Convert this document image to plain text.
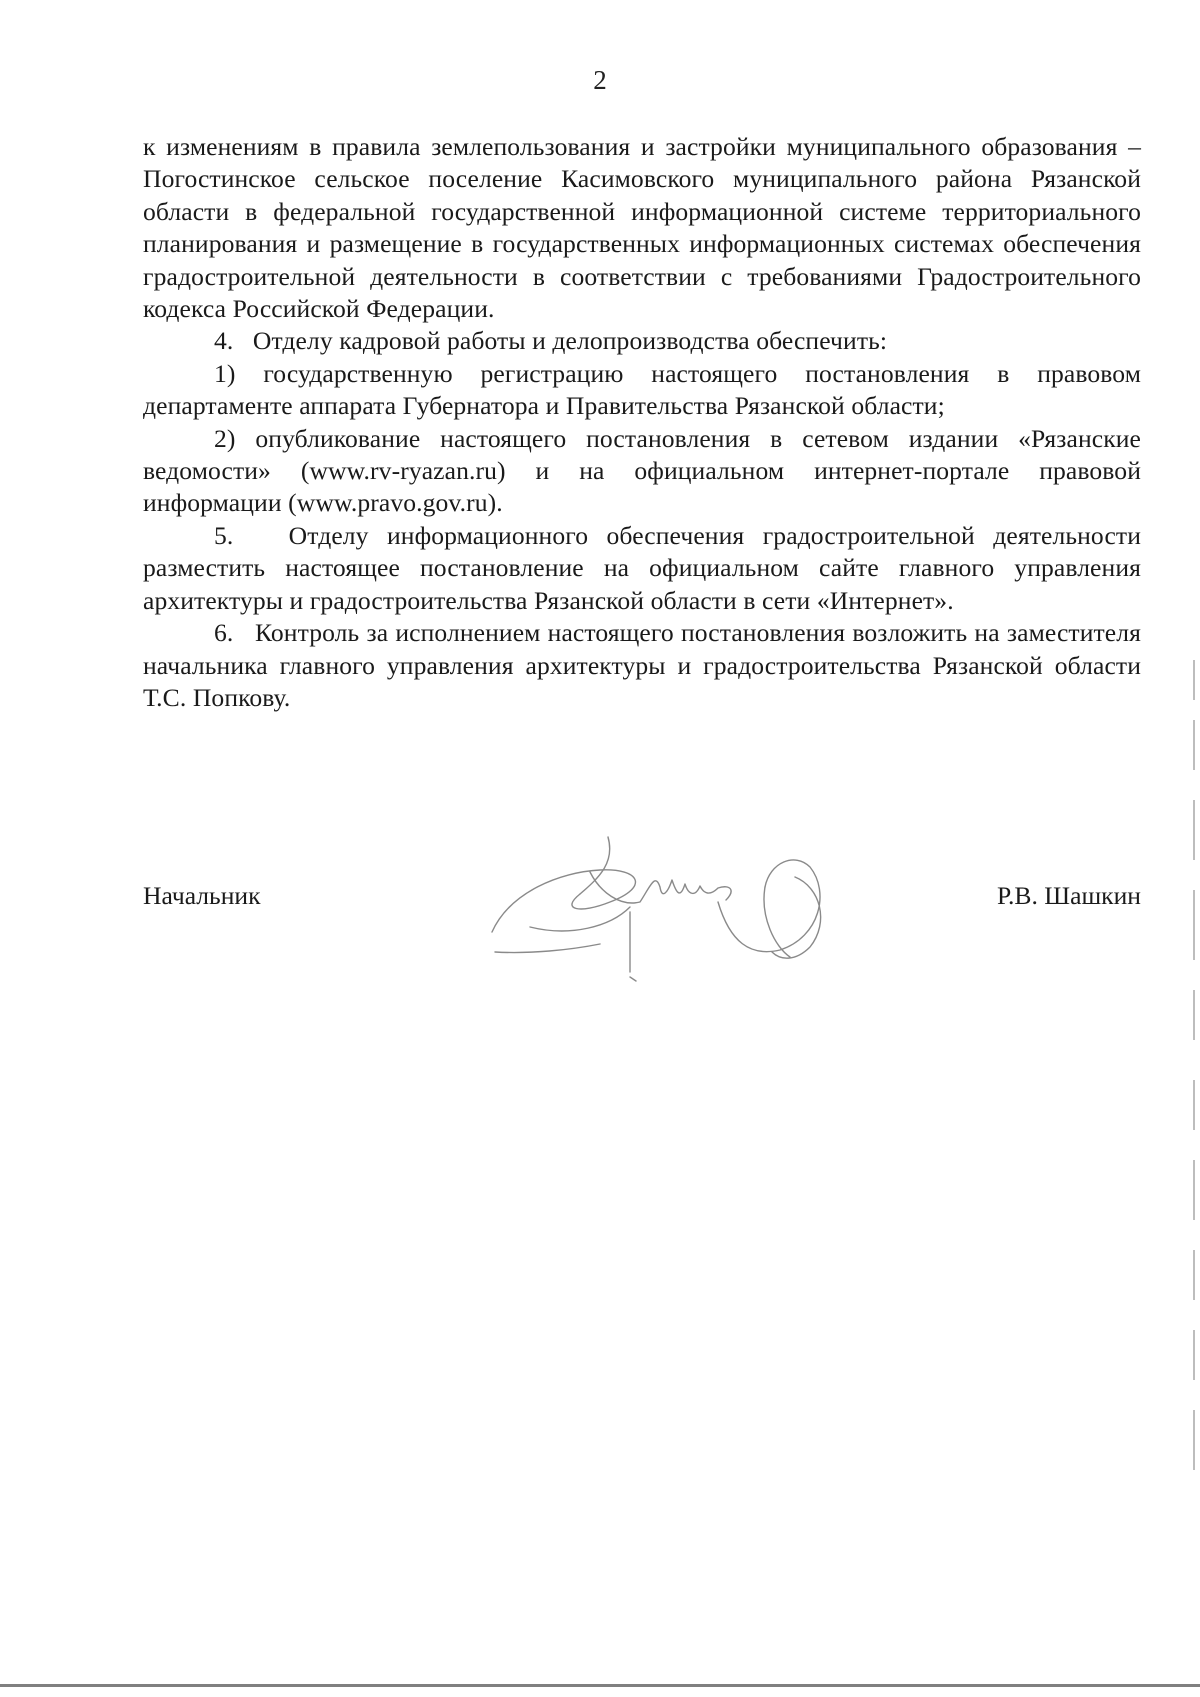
2

к изменениям в правила землепользования и застройки муниципального образования – Погостинское сельское поселение Касимовского муниципального района Рязанской области в федеральной государственной информационной системе территориального планирования и размещение в государственных информационных системах обеспечения градостроительной деятельности в соответствии с требованиями Градостроительного кодекса Российской Федерации.

4.   Отделу кадровой работы и делопроизводства обеспечить:

1) государственную регистрацию настоящего постановления в правовом департаменте аппарата Губернатора и Правительства Рязанской области;

2) опубликование настоящего постановления в сетевом издании «Рязанские ведомости» (www.rv-ryazan.ru) и на официальном интернет-портале правовой информации (www.pravo.gov.ru).

5.   Отделу информационного обеспечения градостроительной деятельности разместить настоящее постановление на официальном сайте главного управления архитектуры и градостроительства Рязанской области в сети «Интернет».

6.   Контроль за исполнением настоящего постановления возложить на заместителя начальника главного управления архитектуры и градостроительства Рязанской области Т.С. Попкову.

Начальник	Р.В. Шашкин
